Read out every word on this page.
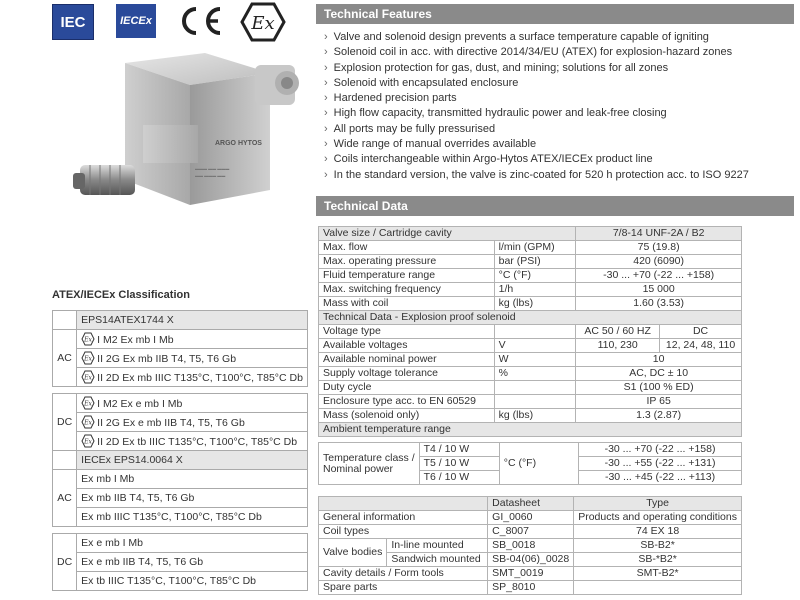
IEC	IECEx	Ex
ARGO HYTOS
▬▬▬ ▬▬ ▬▬▬
▬▬ ▬▬▬ ▬▬
Technical Features
› Valve and solenoid design prevents a surface temperature capable of igniting
› Solenoid coil in acc. with directive 2014/34/EU (ATEX) for explosion-hazard zones
› Explosion protection for gas, dust, and mining; solutions for all zones
› Solenoid with encapsulated enclosure
› Hardened precision parts
› High flow capacity, transmitted hydraulic power and leak-free closing
› All ports may be fully pressurised
› Wide range of manual overrides available
› Coils interchangeable within Argo-Hytos ATEX/IECEx product line
› In the standard version, the valve is zinc-coated for 520 h protection acc. to ISO 9227
Technical Data
Valve size / Cartridge cavity		7/8-14 UNF-2A / B2	
Max. flow	l/min (GPM)	75 (19.8)	
Max. operating pressure	bar (PSI)	420 (6090)	
Fluid temperature range	°C (°F)	-30 ... +70 (-22 ... +158)	
Max. switching frequency	1/h	15 000	
Mass with coil	kg (lbs)	1.60 (3.53)	
Technical Data - Explosion proof solenoid			
Voltage type		AC 50 / 60 HZ	DC
Available voltages	V	110, 230	12, 24, 48, 110
Available nominal power	W	10	
Supply voltage tolerance	%	AC, DC ± 10	
Duty cycle		S1 (100 % ED)	
Enclosure type acc. to EN 60529		IP 65	
Mass (solenoid only)	kg (lbs)	1.3 (2.87)	
Ambient temperature range			
Temperature class /
Nominal power	T4 / 10 W	°C (°F)	-30 ... +70 (-22 ... +158)
	T5 / 10 W		-30 ... +55 (-22 ... +131)
	T6 / 10 W		-30 ... +45 (-22 ... +113)
		Datasheet	Type
General information		GI_0060	Products and operating conditions
Coil types		C_8007	74 EX 18
Valve bodies	In-line mounted	SB_0018	SB-B2*
	Sandwich mounted	SB-04(06)_0028	SB-*B2*
Cavity details / Form tools		SMT_0019	SMT-B2*
Spare parts		SP_8010	
ATEX/IECEx Classification
	EPS14ATEX1744 X
AC	Ex I M2 Ex mb I Mb

Ex II 2G Ex mb IIB T4, T5, T6 Gb

Ex II 2D Ex mb IIIC T135°C, T100°C, T85°C Db

DC	Ex I M2 Ex e mb I Mb

Ex II 2G Ex e mb IIB T4, T5, T6 Gb

Ex II 2D Ex tb IIIC T135°C, T100°C, T85°C Db
	IECEx EPS14.0064 X
AC	Ex mb I Mb
	Ex mb IIB T4, T5, T6 Gb
	Ex mb IIIC T135°C, T100°C, T85°C Db

DC	Ex e mb I Mb
	Ex e mb IIB T4, T5, T6 Gb
	Ex tb IIIC T135°C, T100°C, T85°C Db
